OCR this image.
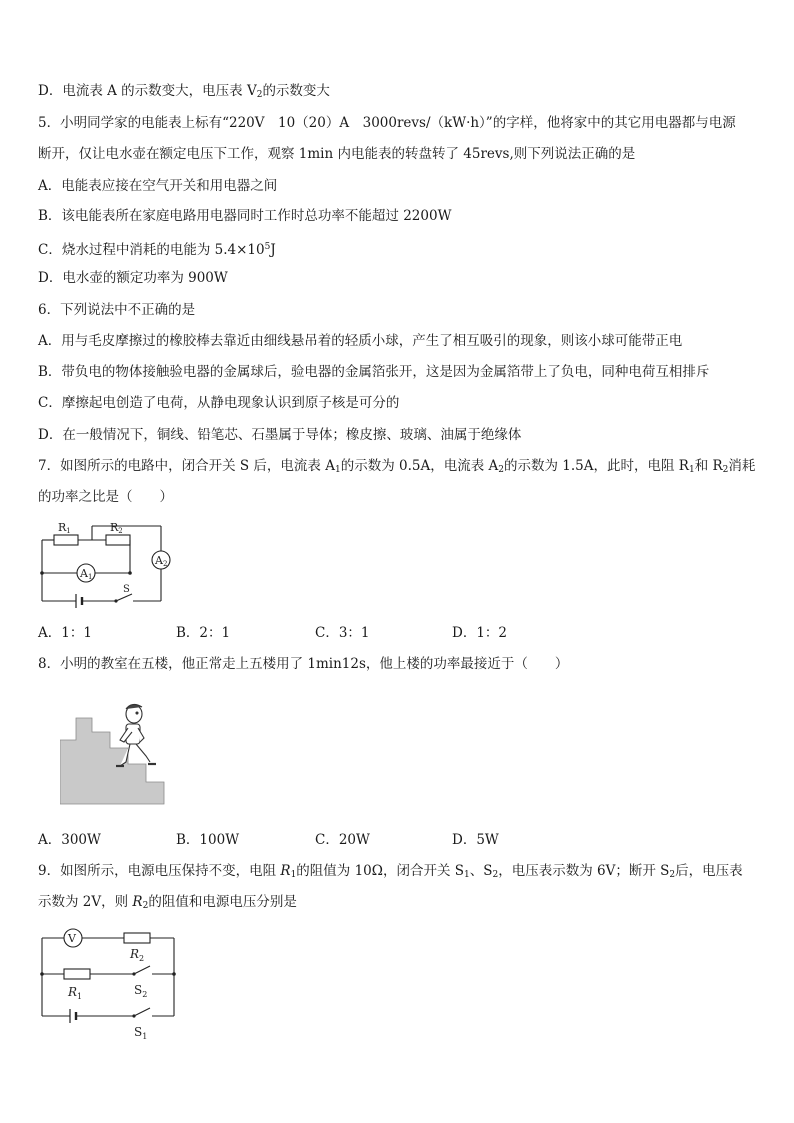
D．电流表 A 的示数变大，电压表 $V_2$的示数变大
5．小明同学家的电能表上标有“220V　10（20）A　3000revs/（kW·h）”的字样，他将家中的其它用电器都与电源
断开，仅让电水壶在额定电压下工作，观察 1min 内电能表的转盘转了 45revs,则下列说法正确的是
A．电能表应接在空气开关和用电器之间
B．该电能表所在家庭电路用电器同时工作时总功率不能超过 2200W
C．烧水过程中消耗的电能为 $5.4\times 10^5J$
D．电水壶的额定功率为 900W
6．下列说法中不正确的是
A．用与毛皮摩擦过的橡胶棒去靠近由细线悬吊着的轻质小球，产生了相互吸引的现象，则该小球可能带正电
B．带负电的物体接触验电器的金属球后，验电器的金属箔张开，这是因为金属箔带上了负电，同种电荷互相排斥
C．摩擦起电创造了电荷，从静电现象认识到原子核是可分的
D．在一般情况下，铜线、铅笔芯、石墨属于导体；橡皮擦、玻璃、油属于绝缘体
7．如图所示的电路中，闭合开关 S 后，电流表 $A_1$的示数为 0.5A，电流表 $A_2$的示数为 1.5A，此时，电阻 $R_1$和 $R_2$消耗
的功率之比是（　　）
R1	R2
A1
A2
S
A．1：1	B．2：1	C．3：1	D．1：2
8．小明的教室在五楼，他正常走上五楼用了 1min12s，他上楼的功率最接近于（　　）
A．300W	B．100W	C．20W	D．5W
9．如图所示，电源电压保持不变，电阻 $R_1$的阻值为 10Ω，闭合开关 $S_1$、$S_2$，电压表示数为 6V；断开 $S_2$后，电压表
示数为 2V，则 $R_2$的阻值和电源电压分别是
V
$R_2$
$R_1$	$S_2$
$S_1$
